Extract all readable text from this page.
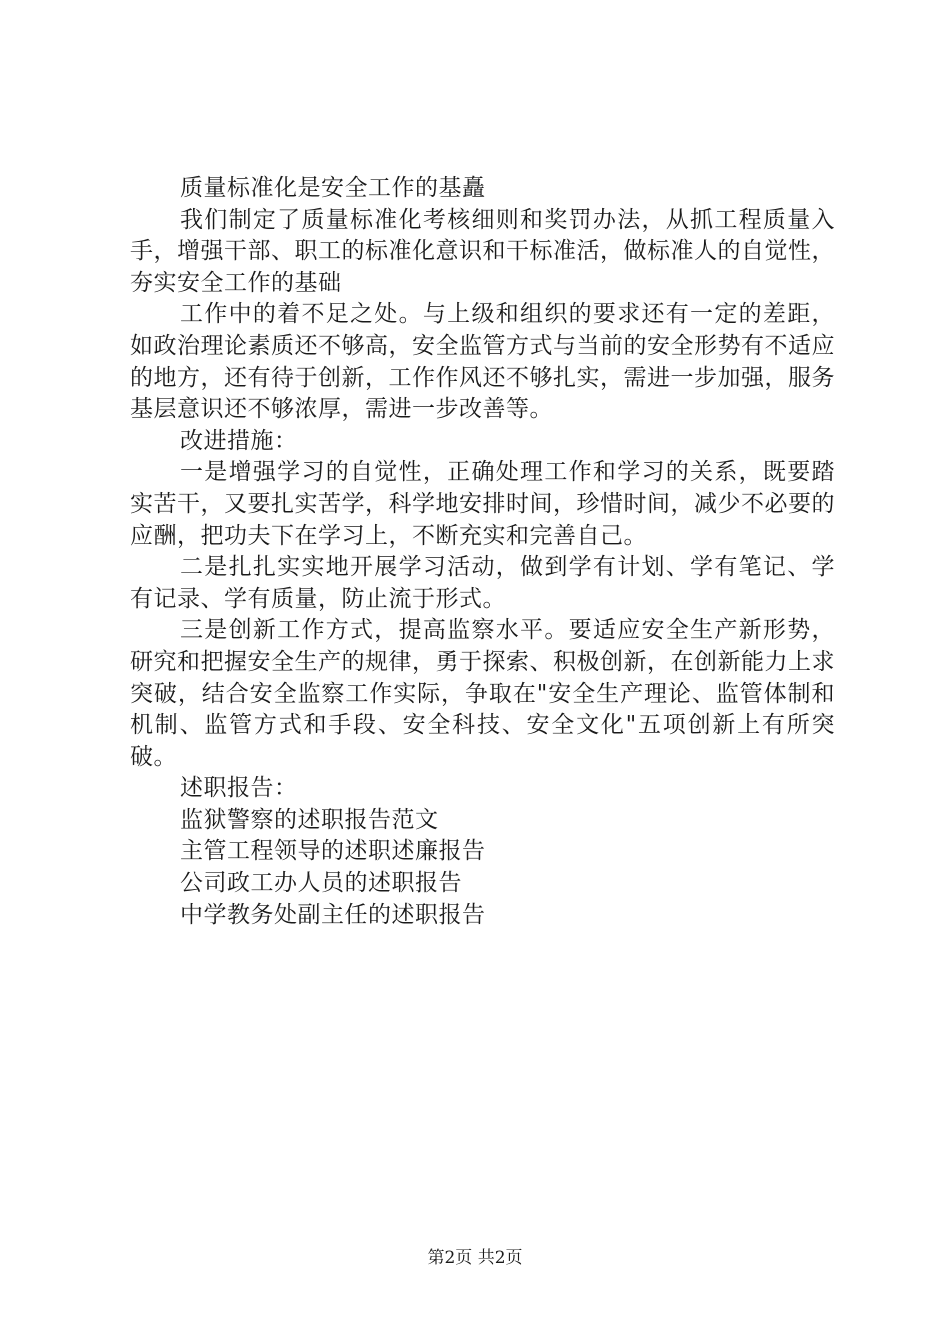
质量标准化是安全工作的基矗

我们制定了质量标准化考核细则和奖罚办法，从抓工程质量入手，增强干部、职工的标准化意识和干标准活，做标准人的自觉性，夯实安全工作的基础

工作中的着不足之处。与上级和组织的要求还有一定的差距，如政治理论素质还不够高，安全监管方式与当前的安全形势有不适应的地方，还有待于创新，工作作风还不够扎实，需进一步加强，服务基层意识还不够浓厚，需进一步改善等。

改进措施：

一是增强学习的自觉性，正确处理工作和学习的关系，既要踏实苦干，又要扎实苦学，科学地安排时间，珍惜时间，减少不必要的应酬，把功夫下在学习上，不断充实和完善自己。

二是扎扎实实地开展学习活动，做到学有计划、学有笔记、学有记录、学有质量，防止流于形式。

三是创新工作方式，提高监察水平。要适应安全生产新形势，研究和把握安全生产的规律，勇于探索、积极创新，在创新能力上求突破，结合安全监察工作实际，争取在"安全生产理论、监管体制和机制、监管方式和手段、安全科技、安全文化"五项创新上有所突破。

述职报告：

监狱警察的述职报告范文

主管工程领导的述职述廉报告

公司政工办人员的述职报告

中学教务处副主任的述职报告

第2页 共2页
